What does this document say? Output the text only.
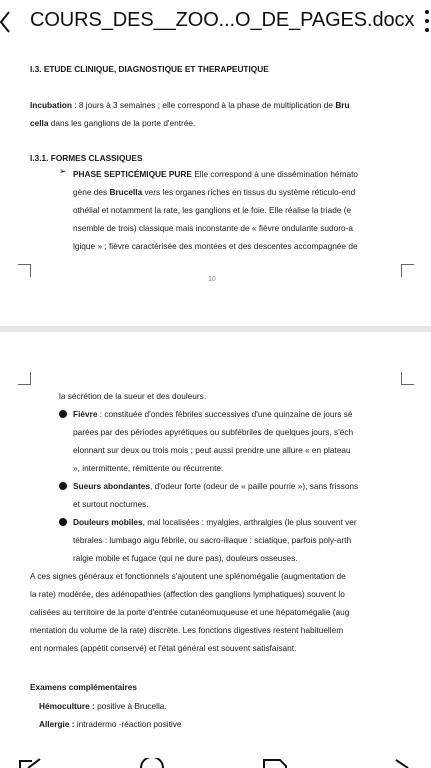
COURS_DES__ZOO...O_DE_PAGES.docx
I.3. ETUDE CLINIQUE, DIAGNOSTIQUE ET THERAPEUTIQUE
Incubation : 8 jours à 3 semaines ; elle correspond à la phase de multiplication de Bru
cella dans les ganglions de la porte d'entrée.
I.3.1. FORMES CLASSIQUES
➢ PHASE SEPTICÉMIQUE PURE Elle correspond à une dissémination hémato
gène des Brucella vers les organes riches en tissus du système réticulo-end
othélial et notamment la rate, les ganglions et le foie. Elle réalise la triade (e
nsemble de trois) classique mais inconstante de « fièvre ondulante sudoro-a
lgique » ; fièvre caractérisée des montées et des descentes accompagnée de
10
la sécrétion de la sueur et des douleurs.
Fièvre : constituée d'ondes fébriles successives d'une quinzaine de jours sé
parées par des périodes apyrétiques ou subfébriles de quelques jours, s'éch
elonnant sur deux ou trois mois ; peut aussi prendre une allure « en plateau
», intermittente, rémittente ou récurrente.
Sueurs abondantes, d'odeur forte (odeur de « paille pourrie »), sans frissons
et surtout nocturnes.
Douleurs mobiles, mal localisées : myalgies, arthralgies (le plus souvent ver
tébrales : lumbago aigu fébrile, ou sacro-iliaque : sciatique, parfois poly-arth
ralgie mobile et fugace (qui ne dure pas), douleurs osseuses.
A ces signes généraux et fonctionnels s'ajoutent une splénomégalie (augmentation de
la rate) modérée, des adénopathies (affection des ganglions lymphatiques) souvent lo
calisées au territoire de la porte d'entrée cutanéomuqueuse et une hépatomégalie (aug
mentation du volume de la rate) discrète. Les fonctions digestives restent habituellem
ent normales (appétit conservé) et l'état général est souvent satisfaisant.
Examens complémentaires
Hémoculture : positive à Brucella.
Allergie : intradermo -réaction positive
